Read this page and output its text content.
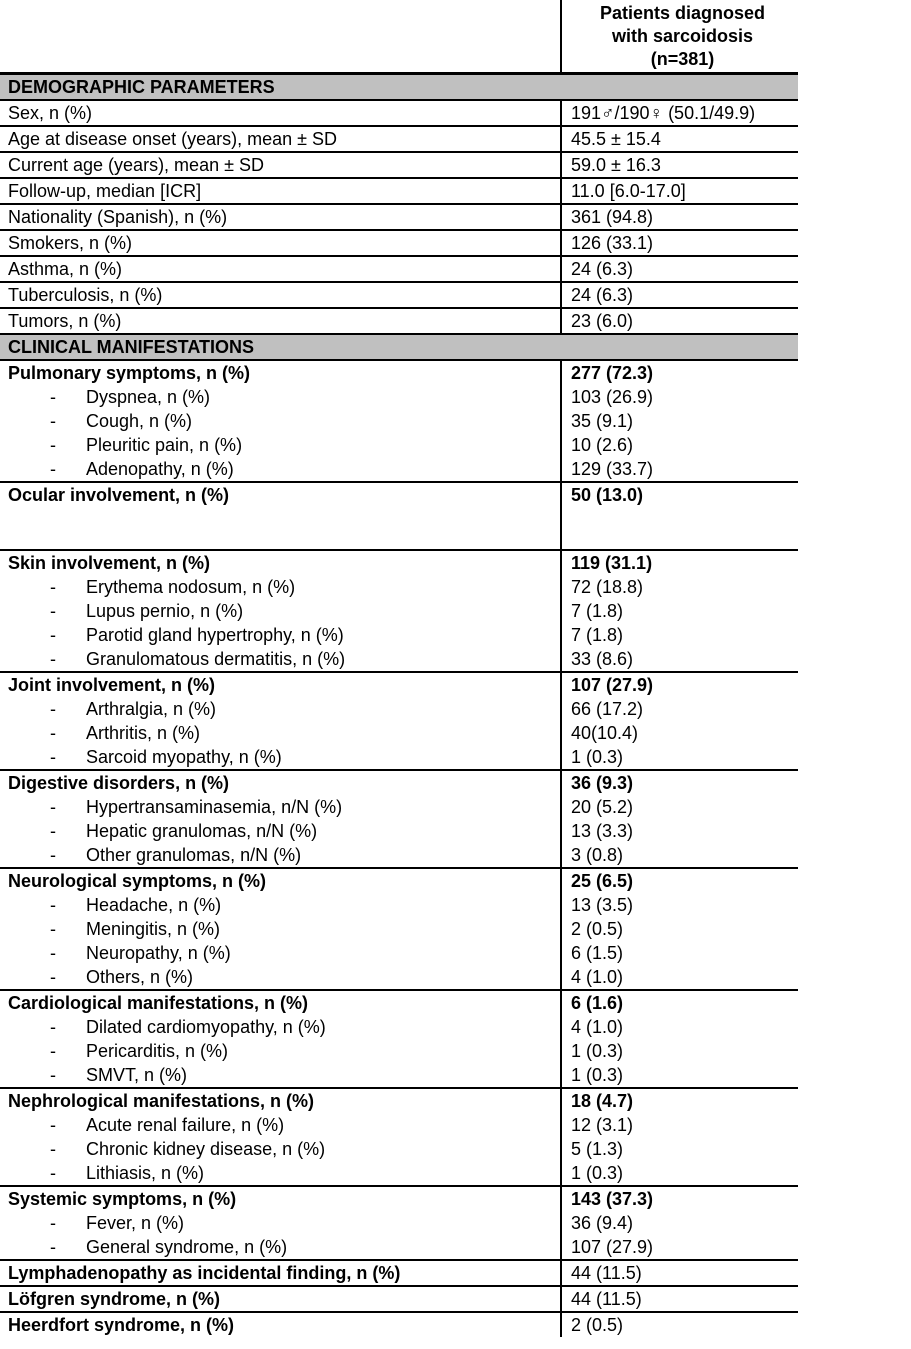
Patients diagnosed
with sarcoidosis
(n=381)
DEMOGRAPHIC PARAMETERS
Sex, n (%)	191♂/190♀ (50.1/49.9)
Age at disease onset (years), mean ± SD	45.5 ± 15.4
Current age (years), mean ± SD	59.0 ± 16.3
Follow-up, median [ICR]	11.0 [6.0-17.0]
Nationality (Spanish), n (%)	361 (94.8)
Smokers, n (%)	126 (33.1)
Asthma, n (%)	24 (6.3)
Tuberculosis, n (%)	24 (6.3)
Tumors, n (%)	23 (6.0)
CLINICAL MANIFESTATIONS
Pulmonary symptoms, n (%)	277 (72.3)
- Dyspnea, n (%)	103 (26.9)
- Cough, n (%)	35 (9.1)
- Pleuritic pain, n (%)	10 (2.6)
- Adenopathy, n (%)	129 (33.7)
Ocular involvement, n (%)	50 (13.0)
Skin involvement, n (%)	119 (31.1)
- Erythema nodosum, n (%)	72 (18.8)
- Lupus pernio, n (%)	7 (1.8)
- Parotid gland hypertrophy, n (%)	7 (1.8)
- Granulomatous dermatitis, n (%)	33 (8.6)
Joint involvement, n (%)	107 (27.9)
- Arthralgia, n (%)	66 (17.2)
- Arthritis, n (%)	40(10.4)
- Sarcoid myopathy, n (%)	1 (0.3)
Digestive disorders, n (%)	36 (9.3)
- Hypertransaminasemia, n/N (%)	20 (5.2)
- Hepatic granulomas, n/N (%)	13 (3.3)
- Other granulomas, n/N (%)	3 (0.8)
Neurological symptoms, n (%)	25 (6.5)
- Headache, n (%)	13 (3.5)
- Meningitis, n (%)	2 (0.5)
- Neuropathy, n (%)	6 (1.5)
- Others, n (%)	4 (1.0)
Cardiological manifestations, n (%)	6 (1.6)
- Dilated cardiomyopathy, n (%)	4 (1.0)
- Pericarditis, n (%)	1 (0.3)
- SMVT, n (%)	1 (0.3)
Nephrological manifestations, n (%)	18 (4.7)
- Acute renal failure, n (%)	12 (3.1)
- Chronic kidney disease, n (%)	5 (1.3)
- Lithiasis, n (%)	1 (0.3)
Systemic symptoms, n (%)	143 (37.3)
- Fever, n (%)	36 (9.4)
- General syndrome, n (%)	107 (27.9)
Lymphadenopathy as incidental finding, n (%)	44 (11.5)
Löfgren syndrome, n (%)	44 (11.5)
Heerdfort syndrome, n (%)	2 (0.5)
